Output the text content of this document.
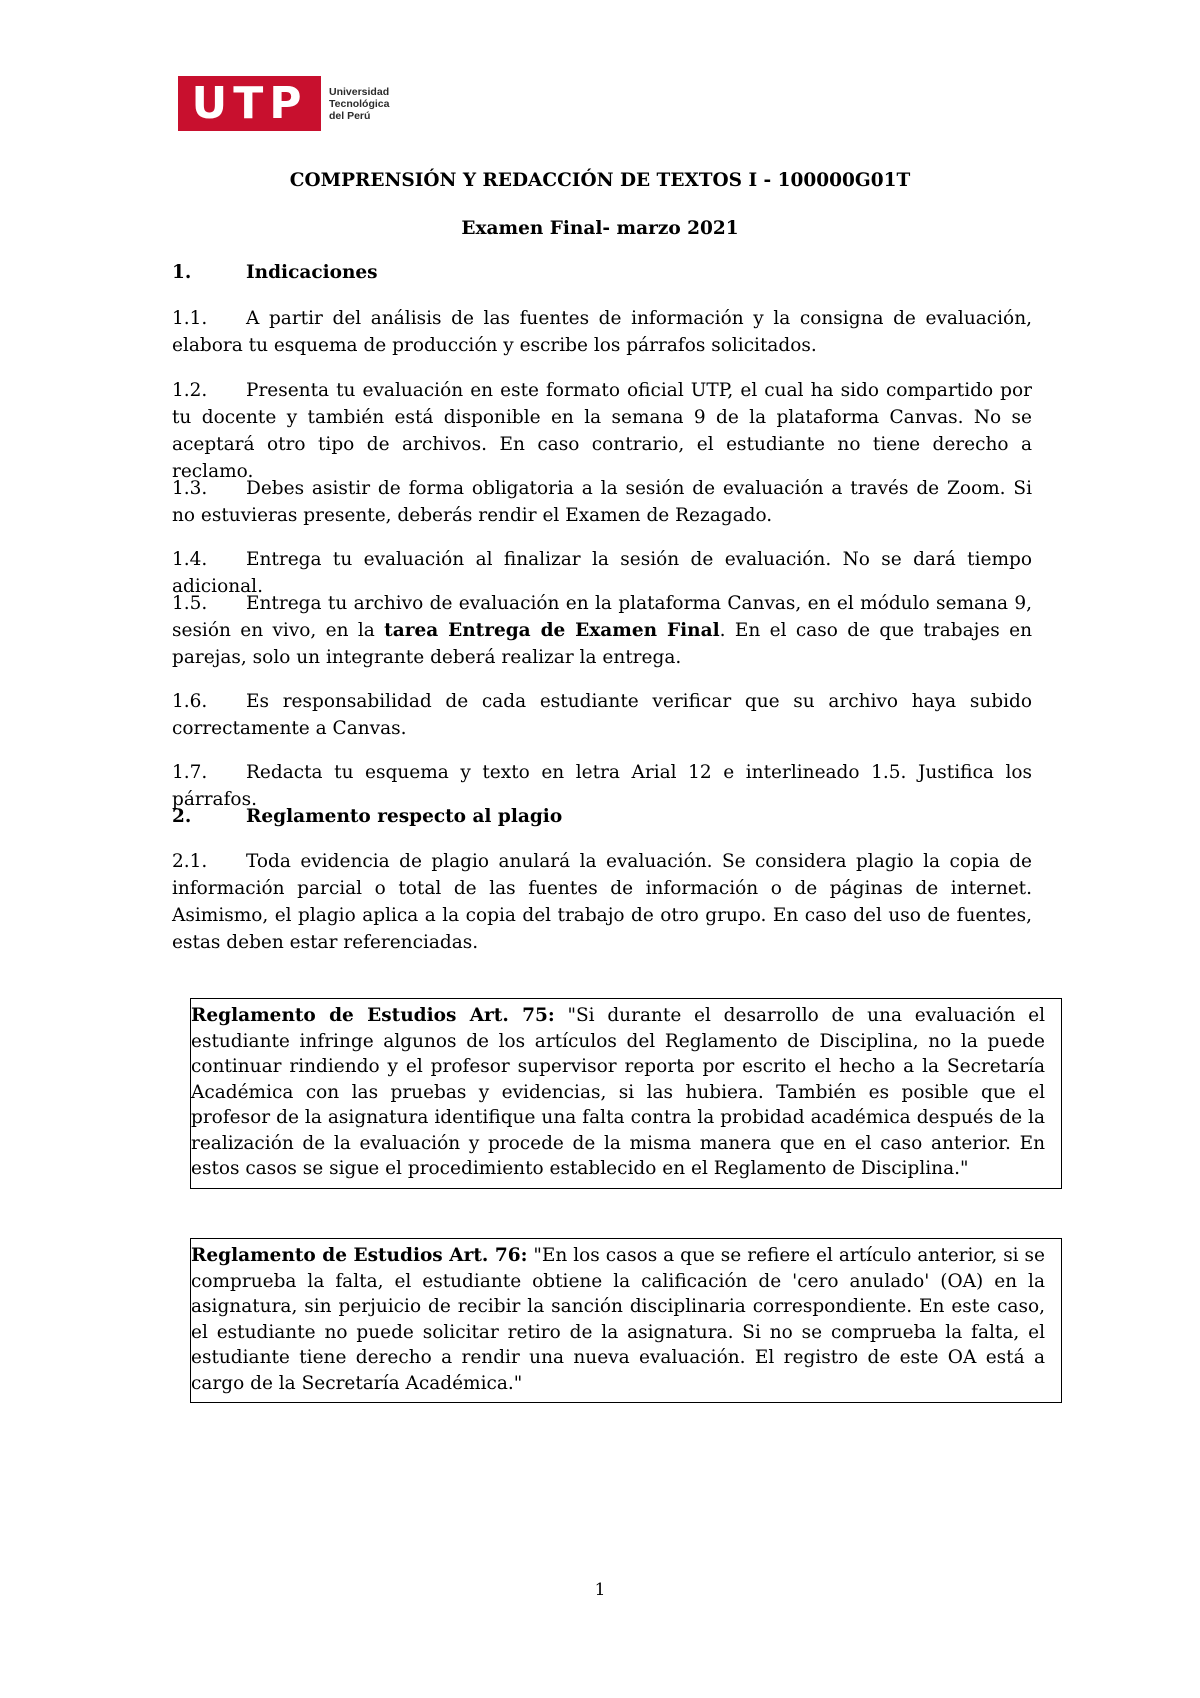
UTP	Universidad
Tecnológica
del Perú
COMPRENSIÓN Y REDACCIÓN DE TEXTOS I - 100000G01T
Examen Final- marzo 2021
1.	Indicaciones

1.1. A partir del análisis de las fuentes de información y la consigna de evaluación, elabora tu esquema de producción y escribe los párrafos solicitados.

1.2. Presenta tu evaluación en este formato oficial UTP, el cual ha sido compartido por tu docente y también está disponible en la semana 9 de la plataforma Canvas. No se aceptará otro tipo de archivos. En caso contrario, el estudiante no tiene derecho a reclamo.

1.3. Debes asistir de forma obligatoria a la sesión de evaluación a través de Zoom. Si no estuvieras presente, deberás rendir el Examen de Rezagado.

1.4. Entrega tu evaluación al finalizar la sesión de evaluación. No se dará tiempo adicional.

1.5. Entrega tu archivo de evaluación en la plataforma Canvas, en el módulo semana 9, sesión en vivo, en la tarea Entrega de Examen Final. En el caso de que trabajes en parejas, solo un integrante deberá realizar la entrega.

1.6. Es responsabilidad de cada estudiante verificar que su archivo haya subido correctamente a Canvas.

1.7. Redacta tu esquema y texto en letra Arial 12 e interlineado 1.5. Justifica los párrafos.

2.	Reglamento respecto al plagio

2.1. Toda evidencia de plagio anulará la evaluación. Se considera plagio la copia de información parcial o total de las fuentes de información o de páginas de internet. Asimismo, el plagio aplica a la copia del trabajo de otro grupo. En caso del uso de fuentes, estas deben estar referenciadas.

Reglamento de Estudios Art. 75: "Si durante el desarrollo de una evaluación el estudiante infringe algunos de los artículos del Reglamento de Disciplina, no la puede continuar rindiendo y el profesor supervisor reporta por escrito el hecho a la Secretaría Académica con las pruebas y evidencias, si las hubiera. También es posible que el profesor de la asignatura identifique una falta contra la probidad académica después de la realización de la evaluación y procede de la misma manera que en el caso anterior. En estos casos se sigue el procedimiento establecido en el Reglamento de Disciplina."
Reglamento de Estudios Art. 76: "En los casos a que se refiere el artículo anterior, si se comprueba la falta, el estudiante obtiene la calificación de 'cero anulado' (OA) en la asignatura, sin perjuicio de recibir la sanción disciplinaria correspondiente. En este caso, el estudiante no puede solicitar retiro de la asignatura. Si no se comprueba la falta, el estudiante tiene derecho a rendir una nueva evaluación. El registro de este OA está a cargo de la Secretaría Académica."
1
